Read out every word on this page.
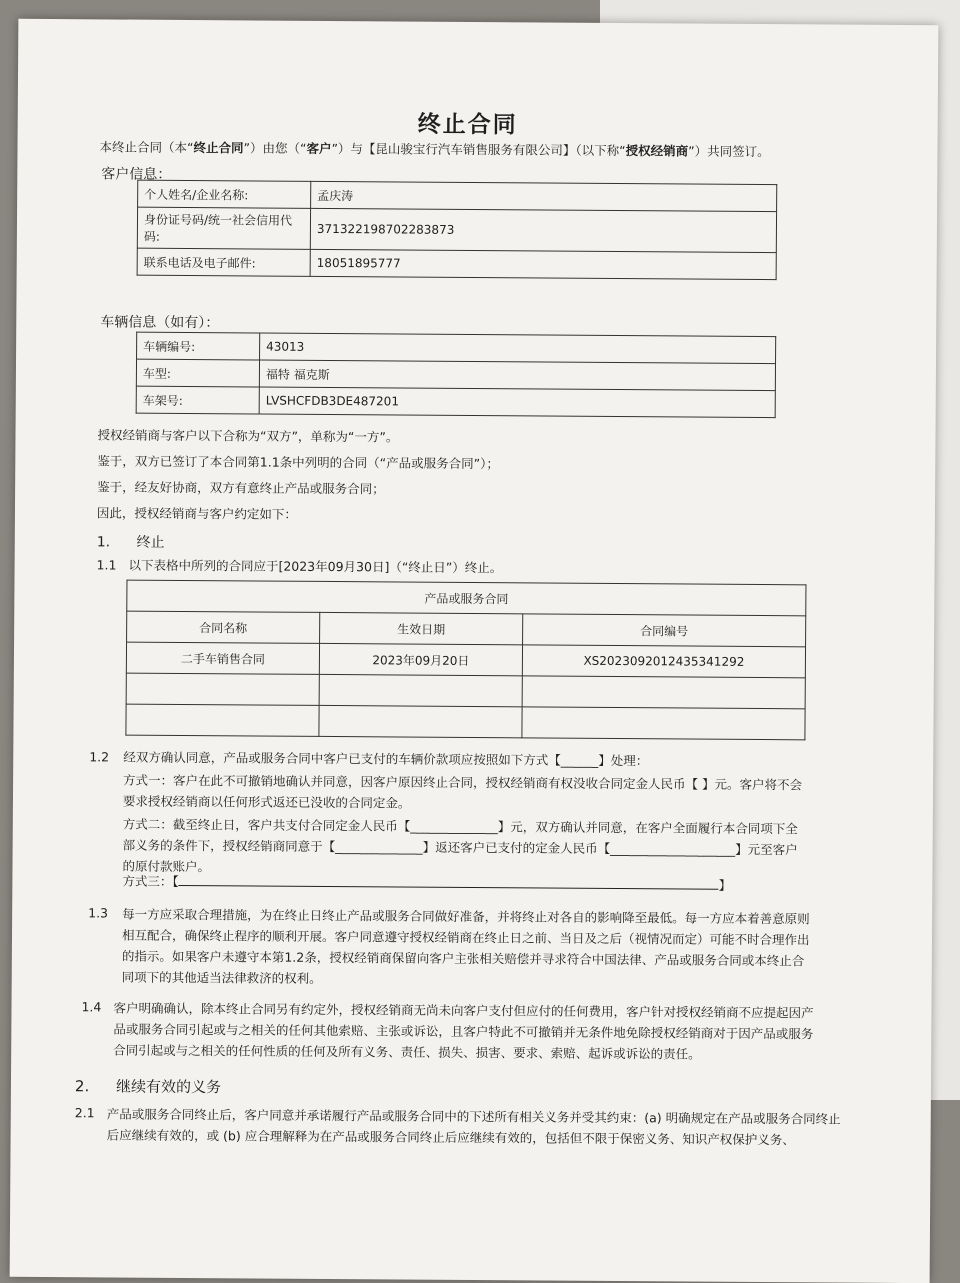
终止合同
本终止合同（本“终止合同”）由您（“客户”）与【昆山骏宝行汽车销售服务有限公司】（以下称“授权经销商”）共同签订。
客户信息：
个人姓名/企业名称:	孟庆涛
身份证号码/统一社会信用代码:	371322198702283873
联系电话及电子邮件:	18051895777
车辆信息（如有）：
车辆编号:	43013
车型:	福特 福克斯
车架号:	LVSHCFDB3DE487201
授权经销商与客户以下合称为“双方”，单称为“一方”。
鉴于，双方已签订了本合同第1.1条中列明的合同（“产品或服务合同”）；
鉴于，经友好协商，双方有意终止产品或服务合同；
因此，授权经销商与客户约定如下：
1. 终止
1.1 以下表格中所列的合同应于[2023年09月30日]（“终止日”）终止。
产品或服务合同		
合同名称	生效日期	合同编号
二手车销售合同	2023年09月20日	XS2023092012435341292

1.2 经双方确认同意，产品或服务合同中客户已支付的车辆价款项应按照如下方式【______】处理：
方式一：客户在此不可撤销地确认并同意，因客户原因终止合同，授权经销商有权没收合同定金人民币【 】元。客户将不会要求授权经销商以任何形式返还已没收的合同定金。
方式二：截至终止日，客户共支付合同定金人民币【______________】元，双方确认并同意，在客户全面履行本合同项下全部义务的条件下，授权经销商同意于【______________】返还客户已支付的定金人民币【____________________】元至客户的原付款账户。
方式三：【	】
1.3 每一方应采取合理措施，为在终止日终止产品或服务合同做好准备，并将终止对各自的影响降至最低。每一方应本着善意原则相互配合，确保终止程序的顺利开展。客户同意遵守授权经销商在终止日之前、当日及之后（视情况而定）可能不时合理作出的指示。如果客户未遵守本第1.2条，授权经销商保留向客户主张相关赔偿并寻求符合中国法律、产品或服务合同或本终止合同项下的其他适当法律救济的权利。
1.4 客户明确确认，除本终止合同另有约定外，授权经销商无尚未向客户支付但应付的任何费用，客户针对授权经销商不应提起因产品或服务合同引起或与之相关的任何其他索赔、主张或诉讼，且客户特此不可撤销并无条件地免除授权经销商对于因产品或服务合同引起或与之相关的任何性质的任何及所有义务、责任、损失、损害、要求、索赔、起诉或诉讼的责任。
2. 继续有效的义务
2.1 产品或服务合同终止后，客户同意并承诺履行产品或服务合同中的下述所有相关义务并受其约束：(a) 明确规定在产品或服务合同终止后应继续有效的，或 (b) 应合理解释为在产品或服务合同终止后应继续有效的，包括但不限于保密义务、知识产权保护义务、
